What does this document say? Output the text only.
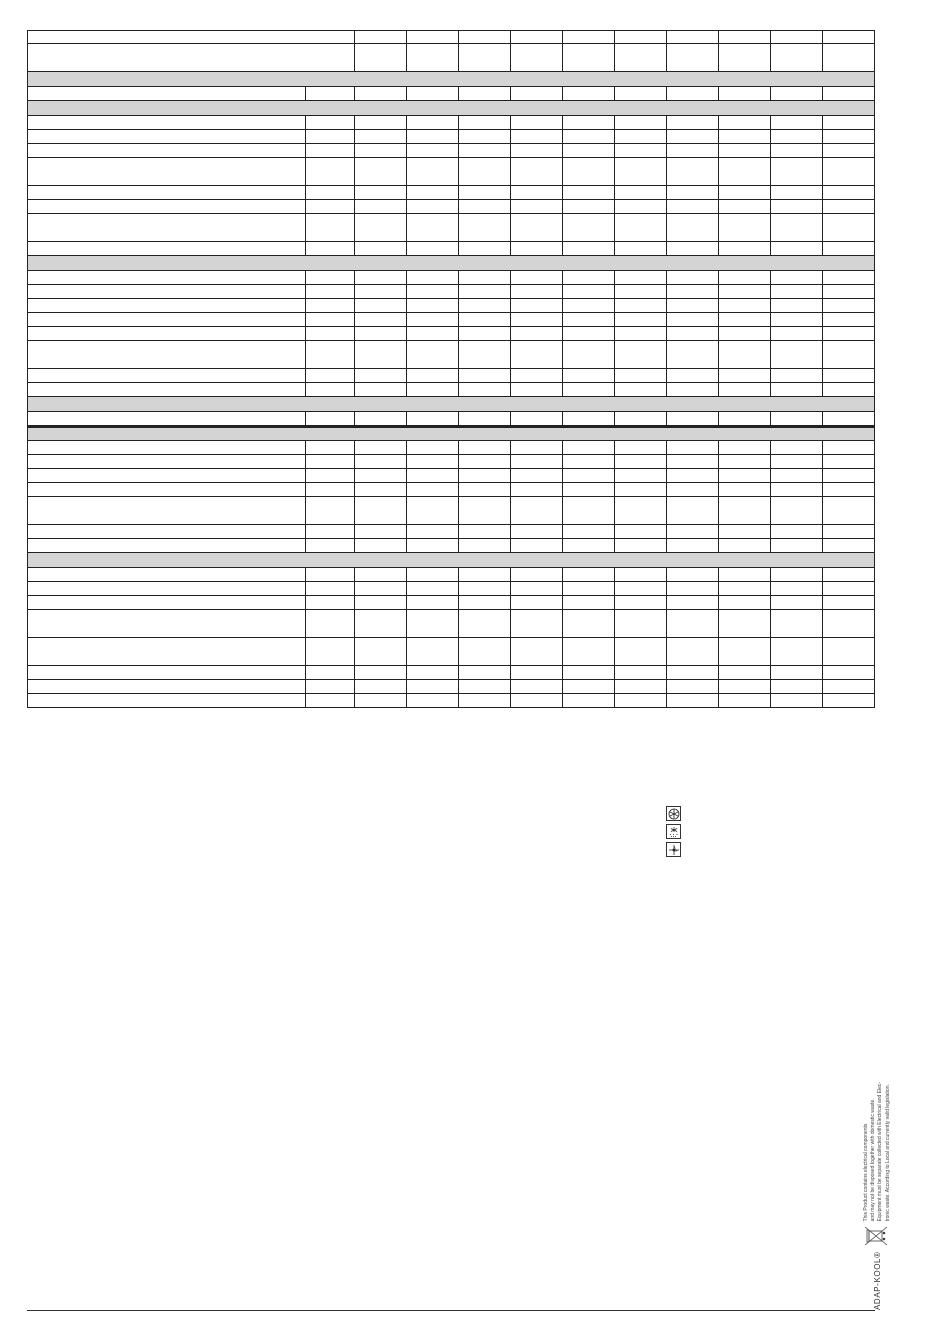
ADAP-KOOL®
This Product contains electrical components and may not be disposed together with domestic waste. Equipment must be separate collected with Electrical and Elec- tronic waste. According to Local and currently valid legislation.
